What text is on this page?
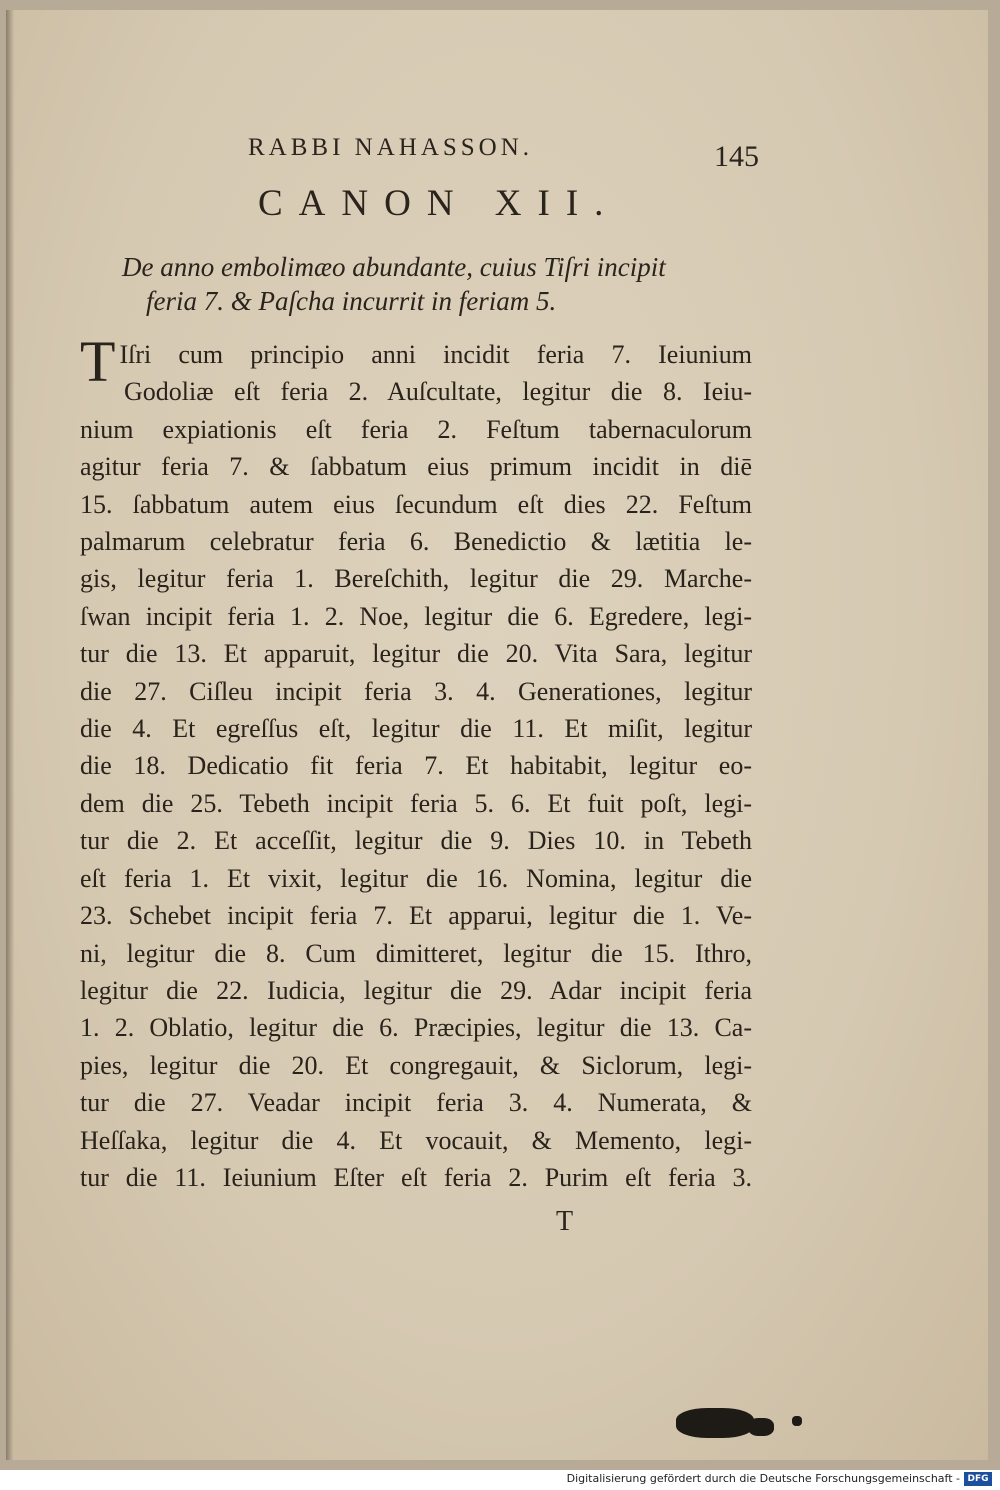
RABBI NAHASSON.	145
CANON XII.
De anno embolimæo abundante, cuius Tiſri incipit
feria 7. & Paſcha incurrit in feriam 5.
T Iſri cum principio anni incidit feria 7. Ieiunium
Godoliæ eſt feria 2. Auſcultate, legitur die 8. Ieiu-
nium expiationis eſt feria 2. Feſtum tabernaculorum
agitur feria 7. & ſabbatum eius primum incidit in diē
15. ſabbatum autem eius ſecundum eſt dies 22. Feſtum
palmarum celebratur feria 6. Benedictio & lætitia le-
gis, legitur feria 1. Bereſchith, legitur die 29. Marche-
ſwan incipit feria 1. 2. Noe, legitur die 6. Egredere, legi-
tur die 13. Et apparuit, legitur die 20. Vita Sara, legitur
die 27. Ciſleu incipit feria 3. 4. Generationes, legitur
die 4. Et egreſſus eſt, legitur die 11. Et miſit, legitur
die 18. Dedicatio fit feria 7. Et habitabit, legitur eo-
dem die 25. Tebeth incipit feria 5. 6. Et fuit poſt, legi-
tur die 2. Et acceſſit, legitur die 9. Dies 10. in Tebeth
eſt feria 1. Et vixit, legitur die 16. Nomina, legitur die
23. Schebet incipit feria 7. Et apparui, legitur die 1. Ve-
ni, legitur die 8. Cum dimitteret, legitur die 15. Ithro,
legitur die 22. Iudicia, legitur die 29. Adar incipit feria
1. 2. Oblatio, legitur die 6. Præcipies, legitur die 13. Ca-
pies, legitur die 20. Et congregauit, & Siclorum, legi-
tur die 27. Veadar incipit feria 3. 4. Numerata, &
Heſſaka, legitur die 4. Et vocauit, & Memento, legi-
tur die 11. Ieiunium Eſter eſt feria 2. Purim eſt feria 3.
T
Digitalisierung gefördert durch die Deutsche Forschungsgemeinschaft - DFG
